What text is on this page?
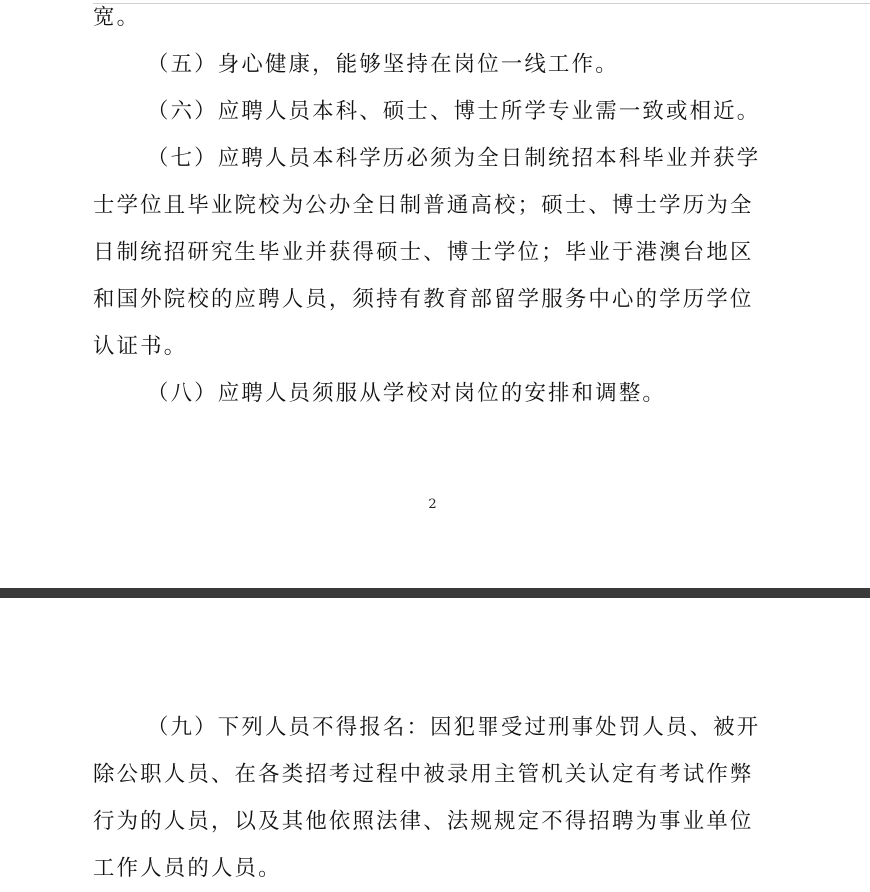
宽。
（五）身心健康，能够坚持在岗位一线工作。
（六）应聘人员本科、硕士、博士所学专业需一致或相近。
（七）应聘人员本科学历必须为全日制统招本科毕业并获学
士学位且毕业院校为公办全日制普通高校；硕士、博士学历为全
日制统招研究生毕业并获得硕士、博士学位；毕业于港澳台地区
和国外院校的应聘人员，须持有教育部留学服务中心的学历学位
认证书。
（八）应聘人员须服从学校对岗位的安排和调整。
2
（九）下列人员不得报名：因犯罪受过刑事处罚人员、被开
除公职人员、在各类招考过程中被录用主管机关认定有考试作弊
行为的人员，以及其他依照法律、法规规定不得招聘为事业单位
工作人员的人员。
